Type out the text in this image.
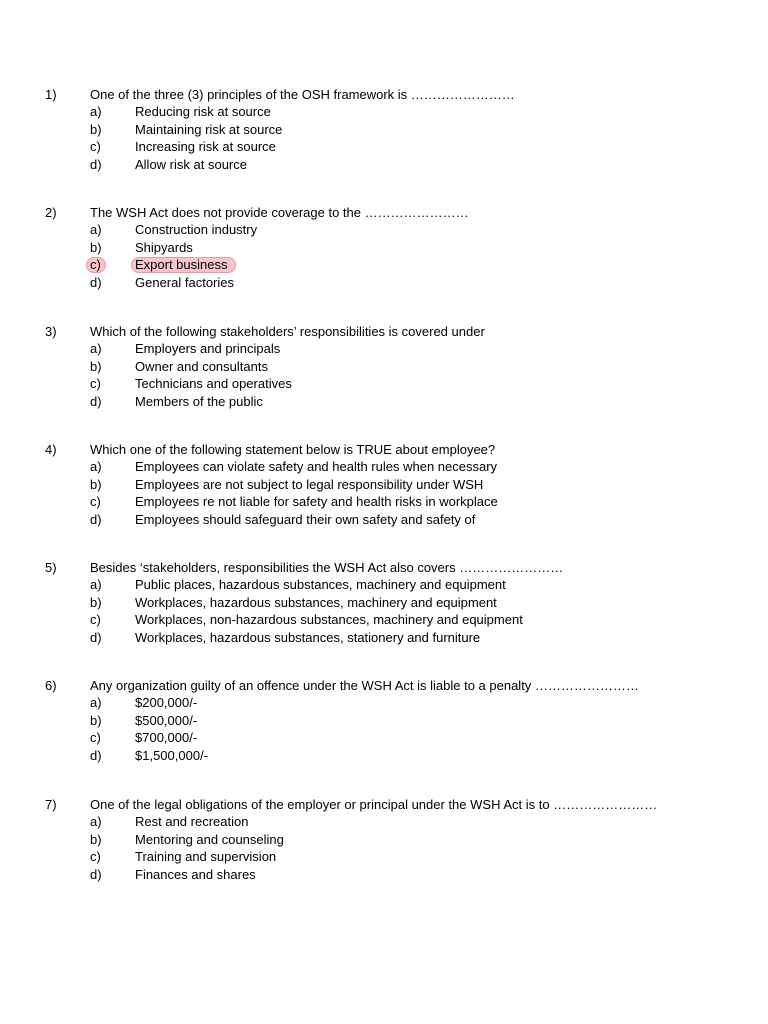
1)	One of the three (3) principles of the OSH framework is ……………………
a)	Reducing risk at source
b)	Maintaining risk at source
c)	Increasing risk at source
d)	Allow risk at source
2)	The WSH Act does not provide coverage to the ……………………
a)	Construction industry
b)	Shipyards
c)	Export business
d)	General factories
3)	Which of the following stakeholders’ responsibilities is covered under
a)	Employers and principals
b)	Owner and consultants
c)	Technicians and operatives
d)	Members of the public
4)	Which one of the following statement below is TRUE about employee?
a)	Employees can violate safety and health rules when necessary
b)	Employees are not subject to legal responsibility under WSH
c)	Employees re not liable for safety and health risks in workplace
d)	Employees should safeguard their own safety and safety of
5)	Besides ‘stakeholders, responsibilities the WSH Act also covers ……………………
a)	Public places, hazardous substances, machinery and equipment
b)	Workplaces, hazardous substances, machinery and equipment
c)	Workplaces, non-hazardous substances, machinery and equipment
d)	Workplaces, hazardous substances, stationery and furniture
6)	Any organization guilty of an offence under the WSH Act is liable to a penalty ……………………
a)	$200,000/-
b)	$500,000/-
c)	$700,000/-
d)	$1,500,000/-
7)	One of the legal obligations of the employer or principal under the WSH Act is to ……………………
a)	Rest and recreation
b)	Mentoring and counseling
c)	Training and supervision
d)	Finances and shares
